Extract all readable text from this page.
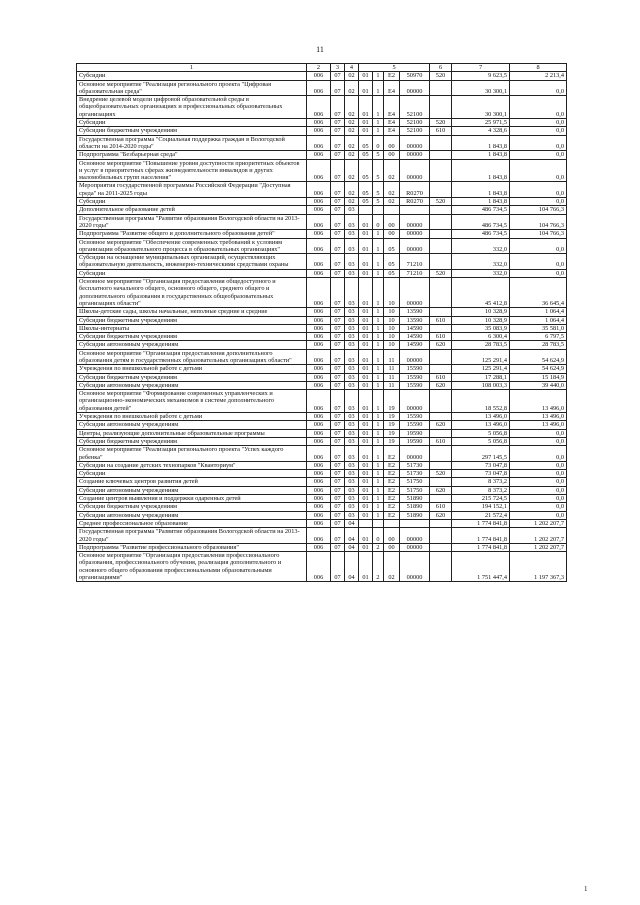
11
1	2	3	4	5				6	7	8
Субсидии	006	07	02	01	1	E2	50970	520	9 623,5	2 213,4
Основное мероприятие "Реализация регионального проекта "Цифровая образовательная среда"	006	07	02	01	1	E4	00000		30 300,1	0,0
Внедрение целевой модели цифровой образовательной среды в общеобразовательных организациях и профессиональных образовательных организациях	006	07	02	01	1	E4	52100		30 300,1	0,0
Субсидии	006	07	02	01	1	E4	52100	520	25 971,5	0,0
Субсидии бюджетным учреждениям	006	07	02	01	1	E4	52100	610	4 328,6	0,0
Государственная программа "Социальная поддержка граждан в Вологодской области на 2014-2020 годы"	006	07	02	05	0	00	00000		1 843,8	0,0
Подпрограмма "Безбарьерная среда"	006	07	02	05	5	00	00000		1 843,8	0,0
Основное мероприятие "Повышение уровня доступности приоритетных объектов и услуг в приоритетных сферах жизнедеятельности инвалидов и других маломобильных групп населения"	006	07	02	05	5	02	00000		1 843,8	0,0
Мероприятия государственной программы Российской Федерации "Доступная среда" на 2011-2025 годы	006	07	02	05	5	02	R0270		1 843,8	0,0
Субсидии	006	07	02	05	5	02	R0270	520	1 843,8	0,0
Дополнительное образование детей	006	07	03						486 734,5	104 766,3
Государственная программа "Развитие образования Вологодской области на 2013-2020 годы"	006	07	03	01	0	00	00000		486 734,5	104 766,3
Подпрограмма "Развитие общего и дополнительного образования детей"	006	07	03	01	1	00	00000		486 734,5	104 766,3
Основное мероприятие "Обеспечение современных требований к условиям организации образовательного процесса в образовательных организациях"	006	07	03	01	1	05	00000		332,0	0,0
Субсидии на оснащение муниципальных организаций, осуществляющих образовательную деятельность, инженерно-техническими средствами охраны	006	07	03	01	1	05	71210		332,0	0,0
Субсидии	006	07	03	01	1	05	71210	520	332,0	0,0
Основное мероприятие "Организация предоставления общедоступного и бесплатного начального общего, основного общего, среднего общего и дополнительного образования в государственных общеобразовательных организациях области"	006	07	03	01	1	10	00000		45 412,8	36 645,4
Школы-детские сады, школы начальные, неполные средние и средние	006	07	03	01	1	10	13590		10 328,9	1 064,4
Субсидии бюджетным учреждениям	006	07	03	01	1	10	13590	610	10 328,9	1 064,4
Школы-интернаты	006	07	03	01	1	10	14590		35 083,9	35 581,0
Субсидии бюджетным учреждениям	006	07	03	01	1	10	14590	610	6 300,4	6 797,5
Субсидии автономным учреждениям	006	07	03	01	1	10	14590	620	28 783,5	28 783,5
Основное мероприятие "Организация предоставления дополнительного образования детям в государственных образовательных организациях области"	006	07	03	01	1	11	00000		125 291,4	54 624,9
Учреждения по внешкольной работе с детьми	006	07	03	01	1	11	15590		125 291,4	54 624,9
Субсидии бюджетным учреждениям	006	07	03	01	1	11	15590	610	17 288,1	15 184,9
Субсидии автономным учреждениям	006	07	03	01	1	11	15590	620	108 003,3	39 440,0
Основное мероприятие "Формирование современных управленческих и организационно-экономических механизмов в системе дополнительного образования детей"	006	07	03	01	1	19	00000		18 552,8	13 496,0
Учреждения по внешкольной работе с детьми	006	07	03	01	1	19	15590		13 496,0	13 496,0
Субсидии автономным учреждениям	006	07	03	01	1	19	15590	620	13 496,0	13 496,0
Центры, реализующие дополнительные образовательные программы	006	07	03	01	1	19	19590		5 056,8	0,0
Субсидии бюджетным учреждениям	006	07	03	01	1	19	19590	610	5 056,8	0,0
Основное мероприятие "Реализация регионального проекта "Успех каждого ребенка"	006	07	03	01	1	E2	00000		297 145,5	0,0
Субсидии на создание детских технопарков "Кванториум"	006	07	03	01	1	E2	51730		73 047,8	0,0
Субсидии	006	07	03	01	1	E2	51730	520	73 047,8	0,0
Создание ключевых центров развития детей	006	07	03	01	1	E2	51750		8 373,2	0,0
Субсидии автономным учреждениям	006	07	03	01	1	E2	51750	620	8 373,2	0,0
Создание центров выявления и поддержки одаренных детей	006	07	03	01	1	E2	51890		215 724,5	0,0
Субсидии бюджетным учреждениям	006	07	03	01	1	E2	51890	610	194 152,1	0,0
Субсидии автономным учреждениям	006	07	03	01	1	E2	51890	620	21 572,4	0,0
Среднее профессиональное образование	006	07	04						1 774 841,8	1 202 207,7
Государственная программа "Развитие образования Вологодской области на 2013-2020 годы"	006	07	04	01	0	00	00000		1 774 841,8	1 202 207,7
Подпрограмма "Развитие профессионального образования"	006	07	04	01	2	00	00000		1 774 841,8	1 202 207,7
Основное мероприятие "Организация предоставления профессионального образования, профессионального обучения, реализация дополнительного и основного общего образования профессиональными образовательными организациями"	006	07	04	01	2	02	00000		1 751 447,4	1 197 367,3
1
